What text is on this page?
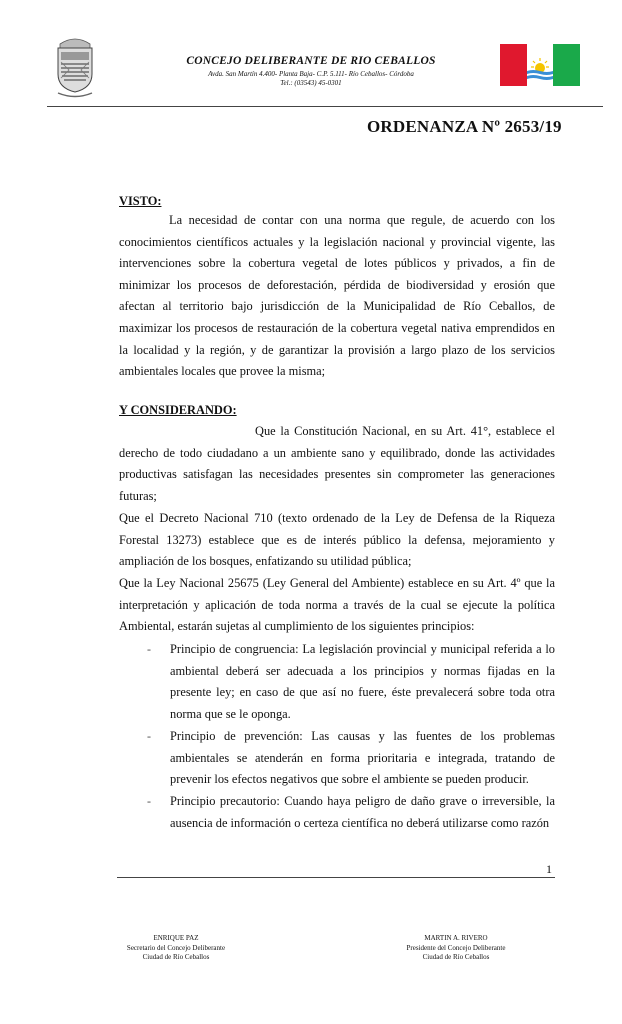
CONCEJO DELIBERANTE DE RIO CEBALLOS
Avda. San Martín 4.400- Planta Baja- C.P. 5.111- Río Ceballos- Córdoba
Tel.: (03543) 45-0301
ORDENANZA Nº 2653/19
VISTO:
La necesidad de contar con una norma que regule, de acuerdo con los conocimientos científicos actuales y la legislación nacional y provincial vigente, las intervenciones sobre la cobertura vegetal de lotes públicos y privados, a fin de minimizar los procesos de deforestación, pérdida de biodiversidad y erosión que afectan al territorio bajo jurisdicción de la Municipalidad de Río Ceballos, de maximizar los procesos de restauración de la cobertura vegetal nativa emprendidos en la localidad y la región, y de garantizar la provisión a largo plazo de los servicios ambientales locales que provee la misma;
Y CONSIDERANDO:
Que la Constitución Nacional, en su Art. 41°, establece el derecho de todo ciudadano a un ambiente sano y equilibrado, donde las actividades productivas satisfagan las necesidades presentes sin comprometer las generaciones futuras;
Que el Decreto Nacional 710 (texto ordenado de la Ley de Defensa de la Riqueza Forestal 13273) establece que es de interés público la defensa, mejoramiento y ampliación de los bosques, enfatizando su utilidad pública;
Que la Ley Nacional 25675 (Ley General del Ambiente) establece en su Art. 4º que la interpretación y aplicación de toda norma a través de la cual se ejecute la política Ambiental, estarán sujetas al cumplimiento de los siguientes principios:
- Principio de congruencia: La legislación provincial y municipal referida a lo ambiental deberá ser adecuada a los principios y normas fijadas en la presente ley; en caso de que así no fuere, éste prevalecerá sobre toda otra norma que se le oponga.
- Principio de prevención: Las causas y las fuentes de los problemas ambientales se atenderán en forma prioritaria e integrada, tratando de prevenir los efectos negativos que sobre el ambiente se pueden producir.
- Principio precautorio: Cuando haya peligro de daño grave o irreversible, la ausencia de información o certeza científica no deberá utilizarse como razón
1
ENRIQUE PAZ
Secretario del Concejo Deliberante
Ciudad de Río Ceballos
MARTIN A. RIVERO
Presidente del Concejo Deliberante
Ciudad de Río Ceballos
